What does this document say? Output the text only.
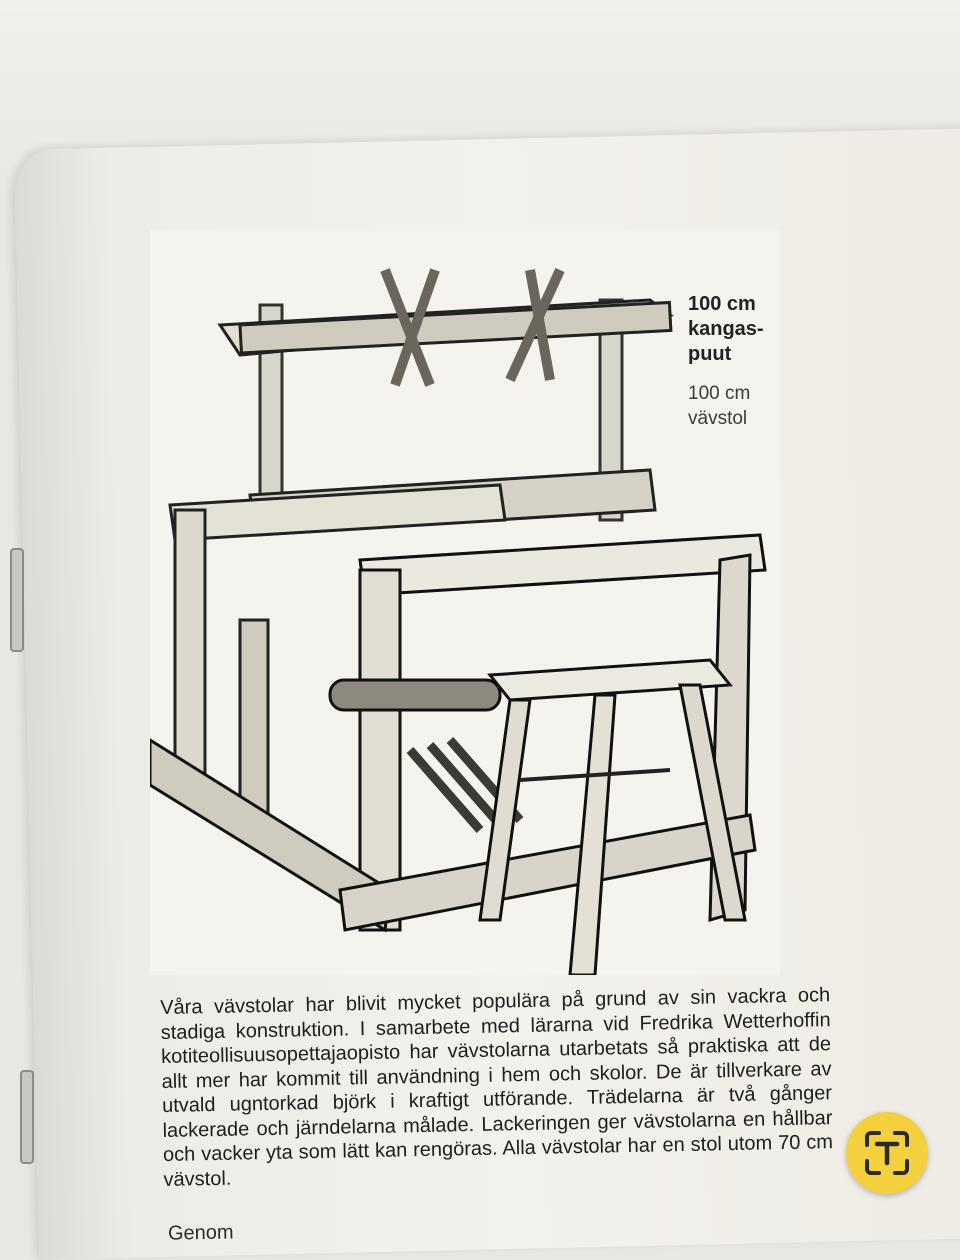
100 cm
kangas-
puut
100 cm
vävstol

Våra vävstolar har blivit mycket populära på grund av sin vackra och stadiga konstruktion. I samarbete med lärarna vid Fredrika Wetterhoffin kotiteollisuusopettajaopisto har vävstolarna utarbetats så praktiska att de allt mer har kommit till användning i hem och skolor. De är tillverkare av utvald ugntorkad björk i kraftigt utförande. Trädelarna är två gånger lackerade och järndelarna målade. Lackeringen ger vävstolarna en hållbar och vacker yta som lätt kan rengöras. Alla vävstolar har en stol utom 70 cm vävstol.

Genom
